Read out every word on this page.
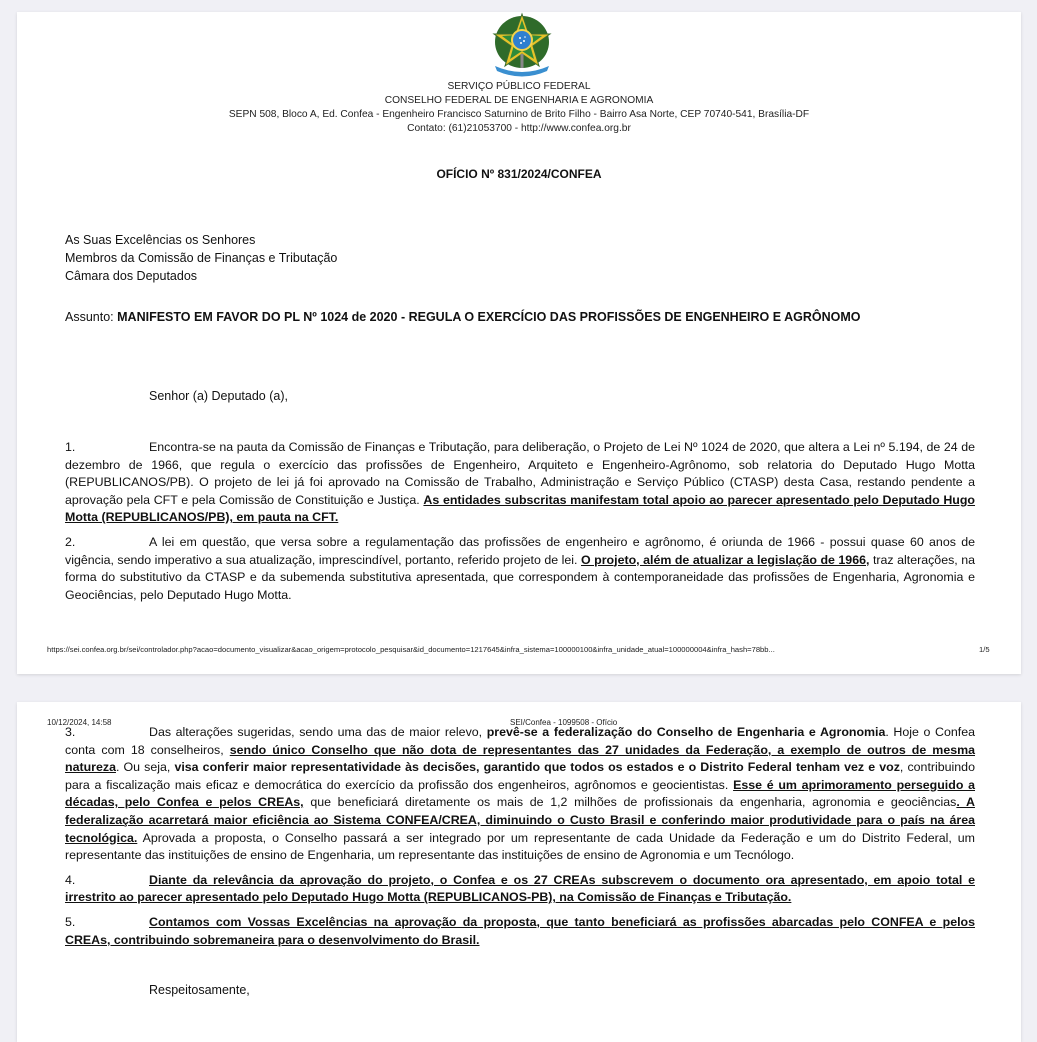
SERVIÇO PÚBLICO FEDERAL
CONSELHO FEDERAL DE ENGENHARIA E AGRONOMIA
SEPN 508, Bloco A, Ed. Confea - Engenheiro Francisco Saturnino de Brito Filho - Bairro Asa Norte, CEP 70740-541, Brasília-DF
Contato: (61)21053700 - http://www.confea.org.br
OFÍCIO Nº 831/2024/CONFEA
As Suas Excelências os Senhores
Membros da Comissão de Finanças e Tributação
Câmara dos Deputados
Assunto: MANIFESTO EM FAVOR DO PL Nº 1024 de 2020 - REGULA O EXERCÍCIO DAS PROFISSÕES DE ENGENHEIRO E AGRÔNOMO
Senhor (a) Deputado (a),
1.	Encontra-se na pauta da Comissão de Finanças e Tributação, para deliberação, o Projeto de Lei Nº 1024 de 2020, que altera a Lei nº 5.194, de 24 de dezembro de 1966, que regula o exercício das profissões de Engenheiro, Arquiteto e Engenheiro-Agrônomo, sob relatoria do Deputado Hugo Motta (REPUBLICANOS/PB). O projeto de lei já foi aprovado na Comissão de Trabalho, Administração e Serviço Público (CTASP) desta Casa, restando pendente a aprovação pela CFT e pela Comissão de Constituição e Justiça. As entidades subscritas manifestam total apoio ao parecer apresentado pelo Deputado Hugo Motta (REPUBLICANOS/PB), em pauta na CFT.
2.	A lei em questão, que versa sobre a regulamentação das profissões de engenheiro e agrônomo, é oriunda de 1966 - possui quase 60 anos de vigência, sendo imperativo a sua atualização, imprescindível, portanto, referido projeto de lei. O projeto, além de atualizar a legislação de 1966, traz alterações, na forma do substitutivo da CTASP e da subemenda substitutiva apresentada, que correspondem à contemporaneidade das profissões de Engenharia, Agronomia e Geociências, pelo Deputado Hugo Motta.
https://sei.confea.org.br/sei/controlador.php?acao=documento_visualizar&acao_origem=protocolo_pesquisar&id_documento=1217645&infra_sistema=100000100&infra_unidade_atual=100000004&infra_hash=78bb...	1/5
10/12/2024, 14:58	SEI/Confea - 1099508 - Ofício
3.	Das alterações sugeridas, sendo uma das de maior relevo, prevê-se a federalização do Conselho de Engenharia e Agronomia. Hoje o Confea conta com 18 conselheiros, sendo único Conselho que não dota de representantes das 27 unidades da Federação, a exemplo de outros de mesma natureza. Ou seja, visa conferir maior representatividade às decisões, garantido que todos os estados e o Distrito Federal tenham vez e voz, contribuindo para a fiscalização mais eficaz e democrática do exercício da profissão dos engenheiros, agrônomos e geocientistas. Esse é um aprimoramento perseguido a décadas, pelo Confea e pelos CREAs, que beneficiará diretamente os mais de 1,2 milhões de profissionais da engenharia, agronomia e geociências. A federalização acarretará maior eficiência ao Sistema CONFEA/CREA, diminuindo o Custo Brasil e conferindo maior produtividade para o país na área tecnológica. Aprovada a proposta, o Conselho passará a ser integrado por um representante de cada Unidade da Federação e um do Distrito Federal, um representante das instituições de ensino de Engenharia, um representante das instituições de ensino de Agronomia e um Tecnólogo.
4.	Diante da relevância da aprovação do projeto, o Confea e os 27 CREAs subscrevem o documento ora apresentado, em apoio total e irrestrito ao parecer apresentado pelo Deputado Hugo Motta (REPUBLICANOS-PB), na Comissão de Finanças e Tributação.
5.	Contamos com Vossas Excelências na aprovação da proposta, que tanto beneficiará as profissões abarcadas pelo CONFEA e pelos CREAs, contribuindo sobremaneira para o desenvolvimento do Brasil.
Respeitosamente,
